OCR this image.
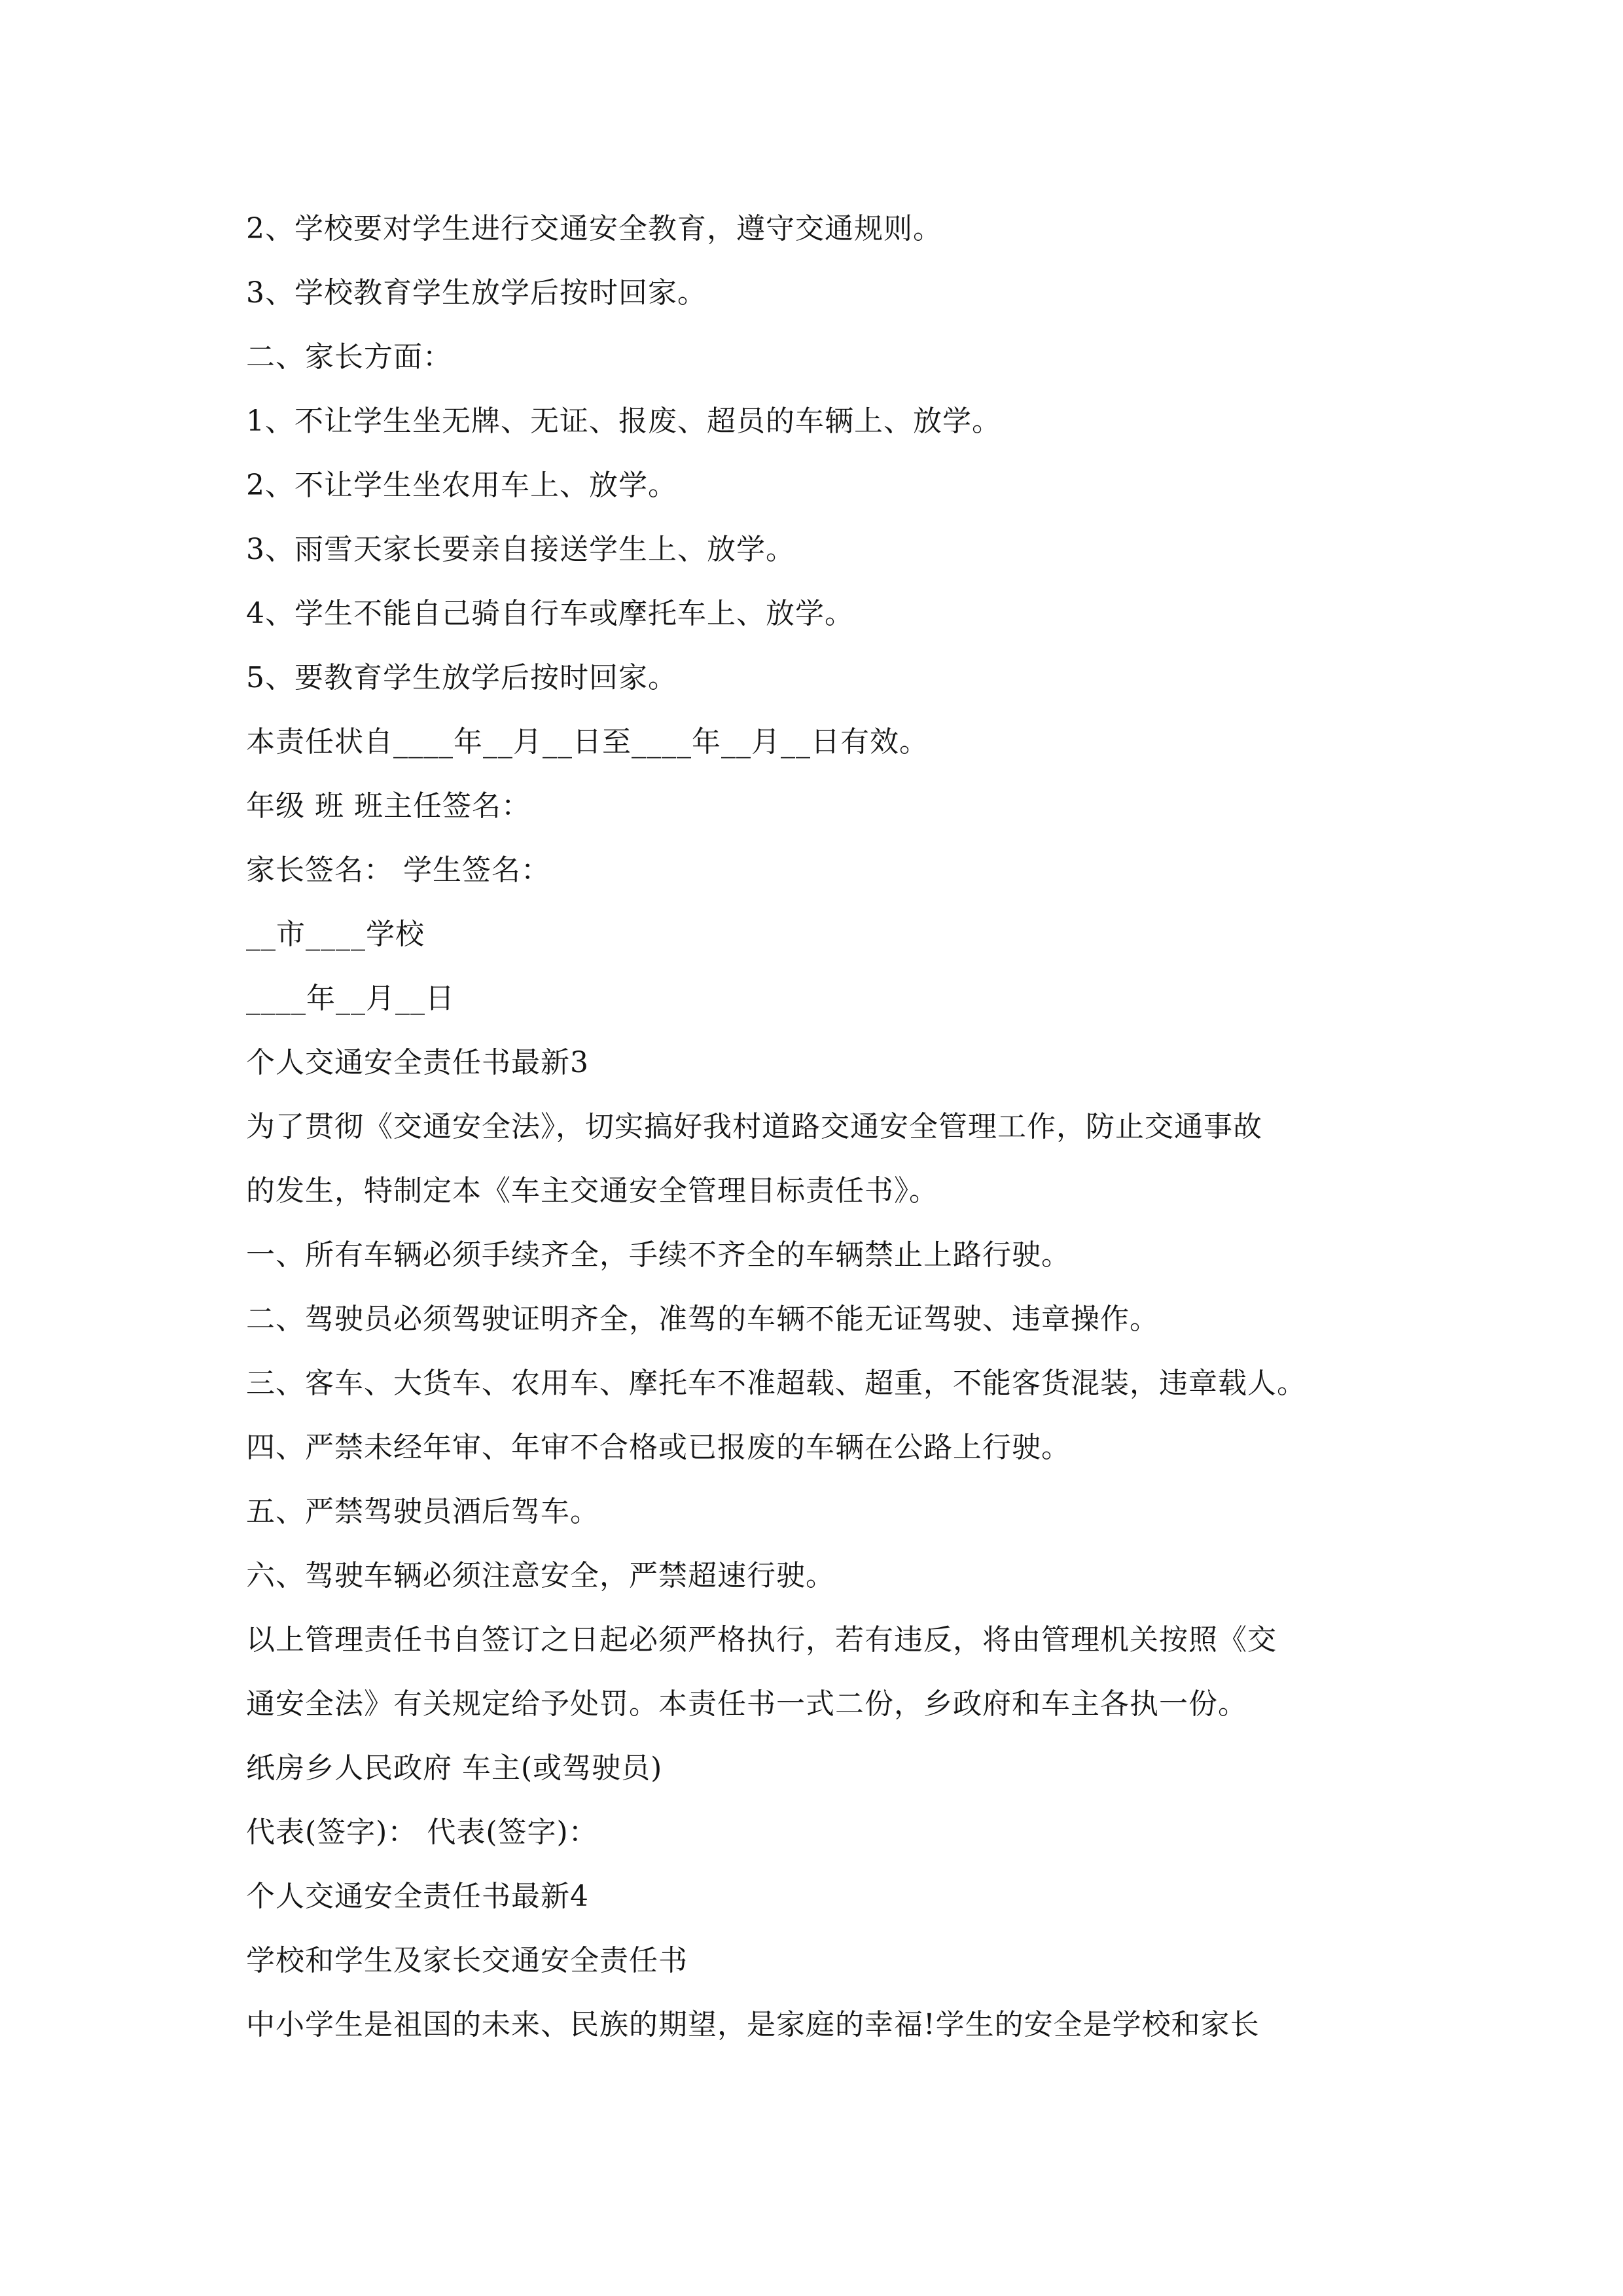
2、学校要对学生进行交通安全教育，遵守交通规则。
3、学校教育学生放学后按时回家。
二、家长方面：
1、不让学生坐无牌、无证、报废、超员的车辆上、放学。
2、不让学生坐农用车上、放学。
3、雨雪天家长要亲自接送学生上、放学。
4、学生不能自己骑自行车或摩托车上、放学。
5、要教育学生放学后按时回家。
本责任状自____年__月__日至____年__月__日有效。
年级 班 班主任签名：
家长签名： 学生签名：
__市____学校
____年__月__日
个人交通安全责任书最新3
为了贯彻《交通安全法》，切实搞好我村道路交通安全管理工作，防止交通事故
的发生，特制定本《车主交通安全管理目标责任书》。
一、所有车辆必须手续齐全，手续不齐全的车辆禁止上路行驶。
二、驾驶员必须驾驶证明齐全，准驾的车辆不能无证驾驶、违章操作。
三、客车、大货车、农用车、摩托车不准超载、超重，不能客货混装，违章载人。
四、严禁未经年审、年审不合格或已报废的车辆在公路上行驶。
五、严禁驾驶员酒后驾车。
六、驾驶车辆必须注意安全，严禁超速行驶。
以上管理责任书自签订之日起必须严格执行，若有违反，将由管理机关按照《交
通安全法》有关规定给予处罚。本责任书一式二份，乡政府和车主各执一份。
纸房乡人民政府 车主(或驾驶员)
代表(签字)： 代表(签字)：
个人交通安全责任书最新4
学校和学生及家长交通安全责任书
中小学生是祖国的未来、民族的期望，是家庭的幸福!学生的安全是学校和家长
